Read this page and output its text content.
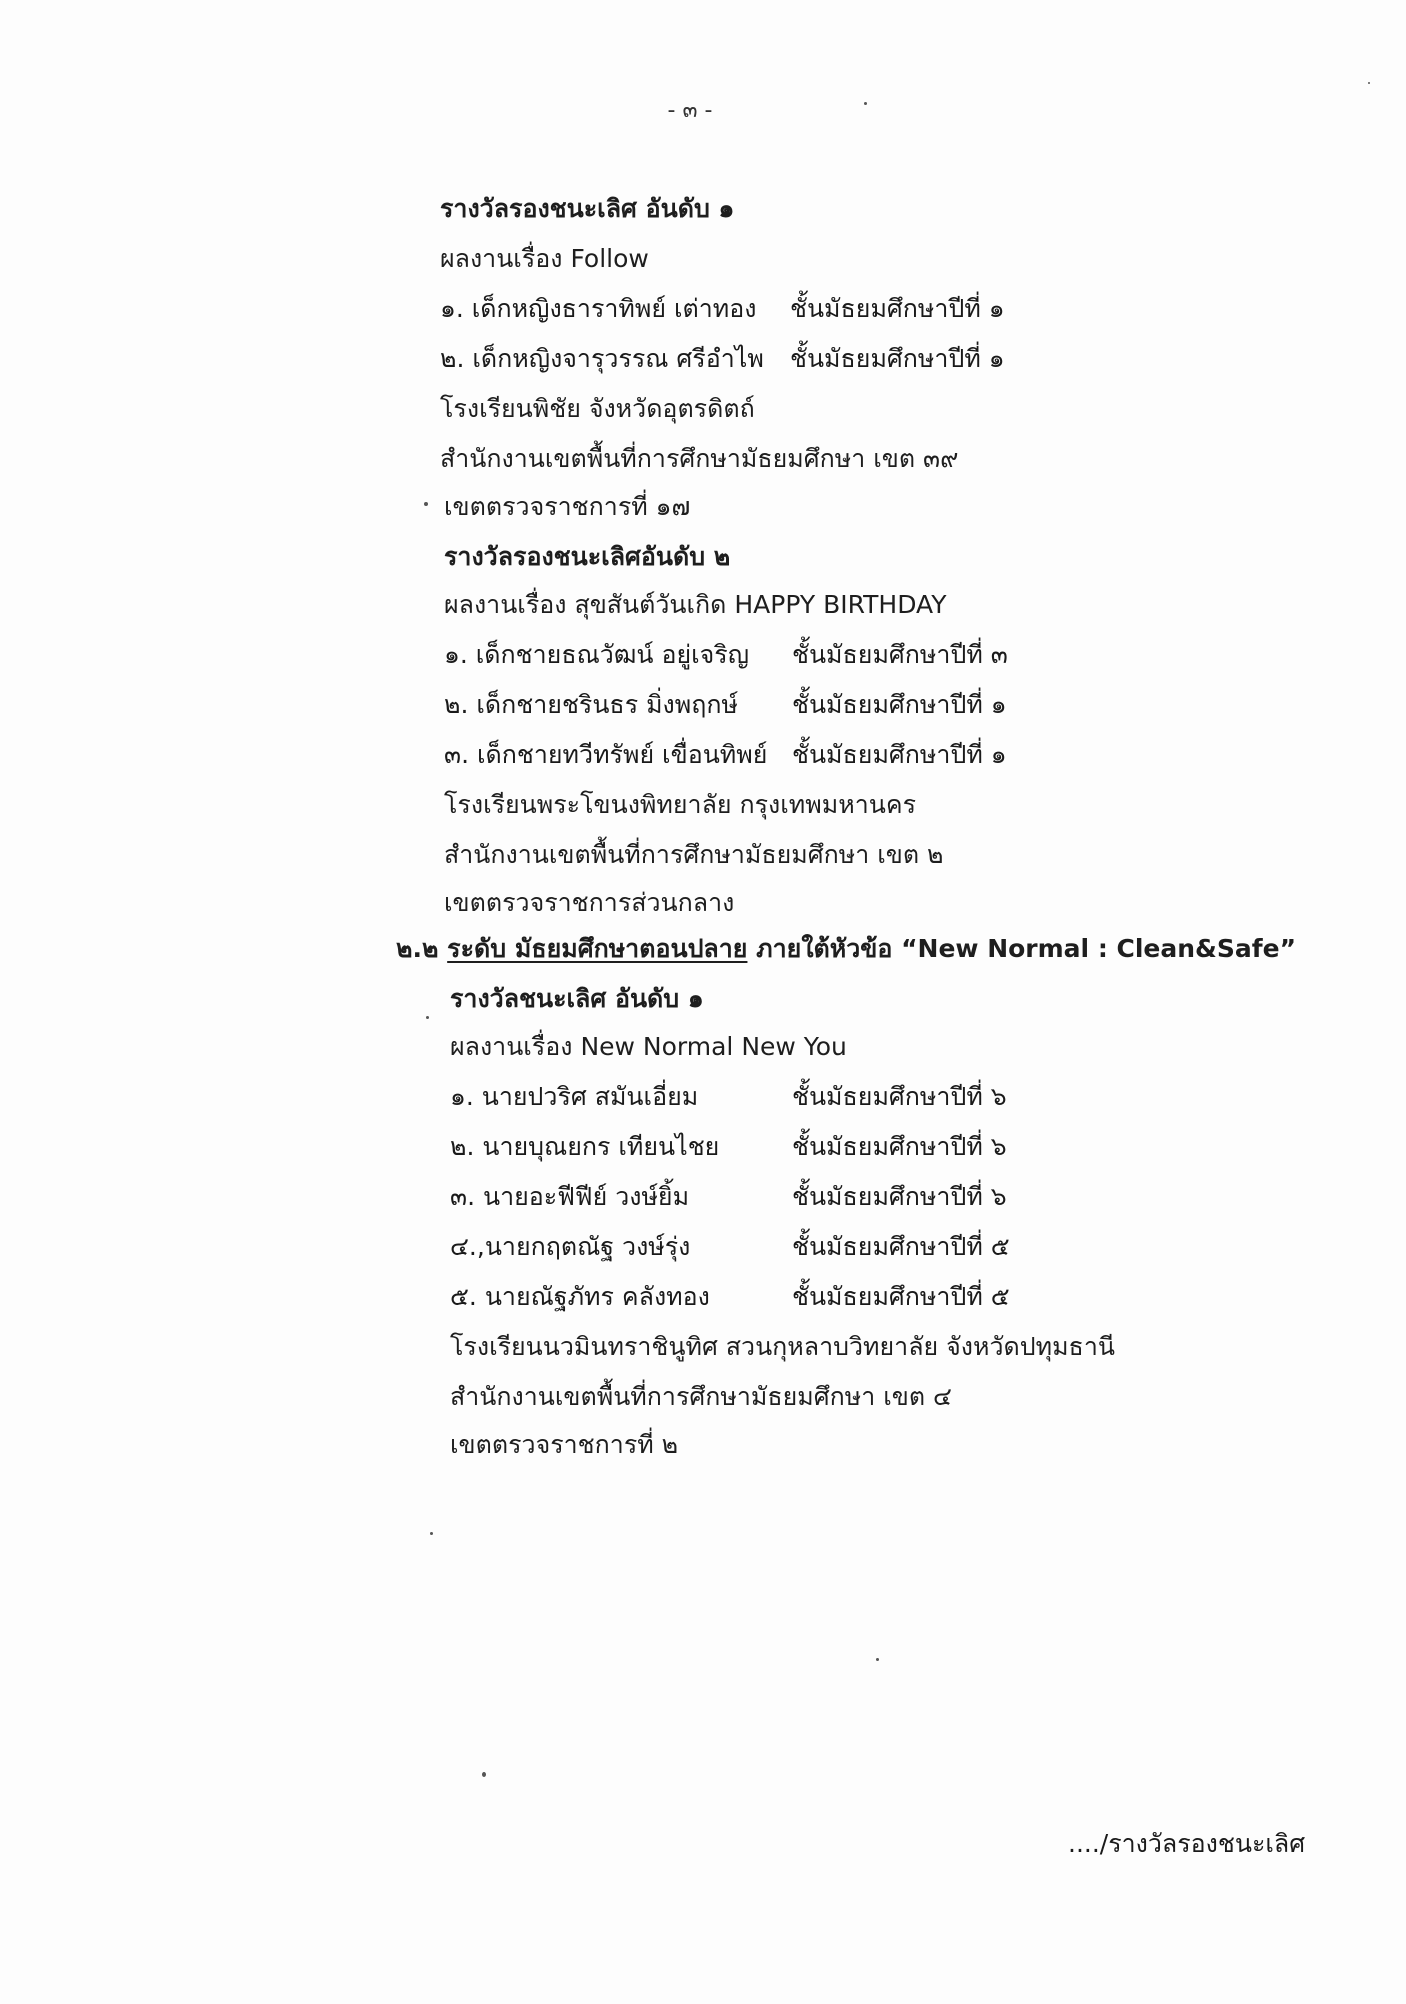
- ๓ -
รางวัลรองชนะเลิศ อันดับ ๑
ผลงานเรื่อง Follow
๑. เด็กหญิงธาราทิพย์ เต่าทอง ชั้นมัธยมศึกษาปีที่ ๑
๒. เด็กหญิงจารุวรรณ ศรีอำไพ ชั้นมัธยมศึกษาปีที่ ๑
โรงเรียนพิชัย จังหวัดอุตรดิตถ์
สำนักงานเขตพื้นที่การศึกษามัธยมศึกษา เขต ๓๙
เขตตรวจราชการที่ ๑๗
รางวัลรองชนะเลิศอันดับ ๒
ผลงานเรื่อง สุขสันต์วันเกิด HAPPY BIRTHDAY
๑. เด็กชายธณวัฒน์ อยู่เจริญ ชั้นมัธยมศึกษาปีที่ ๓
๒. เด็กชายชรินธร มิ่งพฤกษ์ ชั้นมัธยมศึกษาปีที่ ๑
๓. เด็กชายทวีทรัพย์ เขื่อนทิพย์ ชั้นมัธยมศึกษาปีที่ ๑
โรงเรียนพระโขนงพิทยาลัย กรุงเทพมหานคร
สำนักงานเขตพื้นที่การศึกษามัธยมศึกษา เขต ๒
เขตตรวจราชการส่วนกลาง
๒.๒ ระดับ มัธยมศึกษาตอนปลาย ภายใต้หัวข้อ “New Normal : Clean&Safe”
รางวัลชนะเลิศ อันดับ ๑
ผลงานเรื่อง New Normal New You
๑. นายปวริศ สมันเอี่ยม	ชั้นมัธยมศึกษาปีที่ ๖
๒. นายบุณยกร เทียนไชย	ชั้นมัธยมศึกษาปีที่ ๖
๓. นายอะฟีฟีย์ วงษ์ยิ้ม	ชั้นมัธยมศึกษาปีที่ ๖
๔.,นายกฤตณัฐ วงษ์รุ่ง	ชั้นมัธยมศึกษาปีที่ ๕
๕. นายณัฐภัทร คลังทอง	ชั้นมัธยมศึกษาปีที่ ๕
โรงเรียนนวมินทราชินูทิศ สวนกุหลาบวิทยาลัย จังหวัดปทุมธานี
สำนักงานเขตพื้นที่การศึกษามัธยมศึกษา เขต ๔
เขตตรวจราชการที่ ๒
..../รางวัลรองชนะเลิศ
